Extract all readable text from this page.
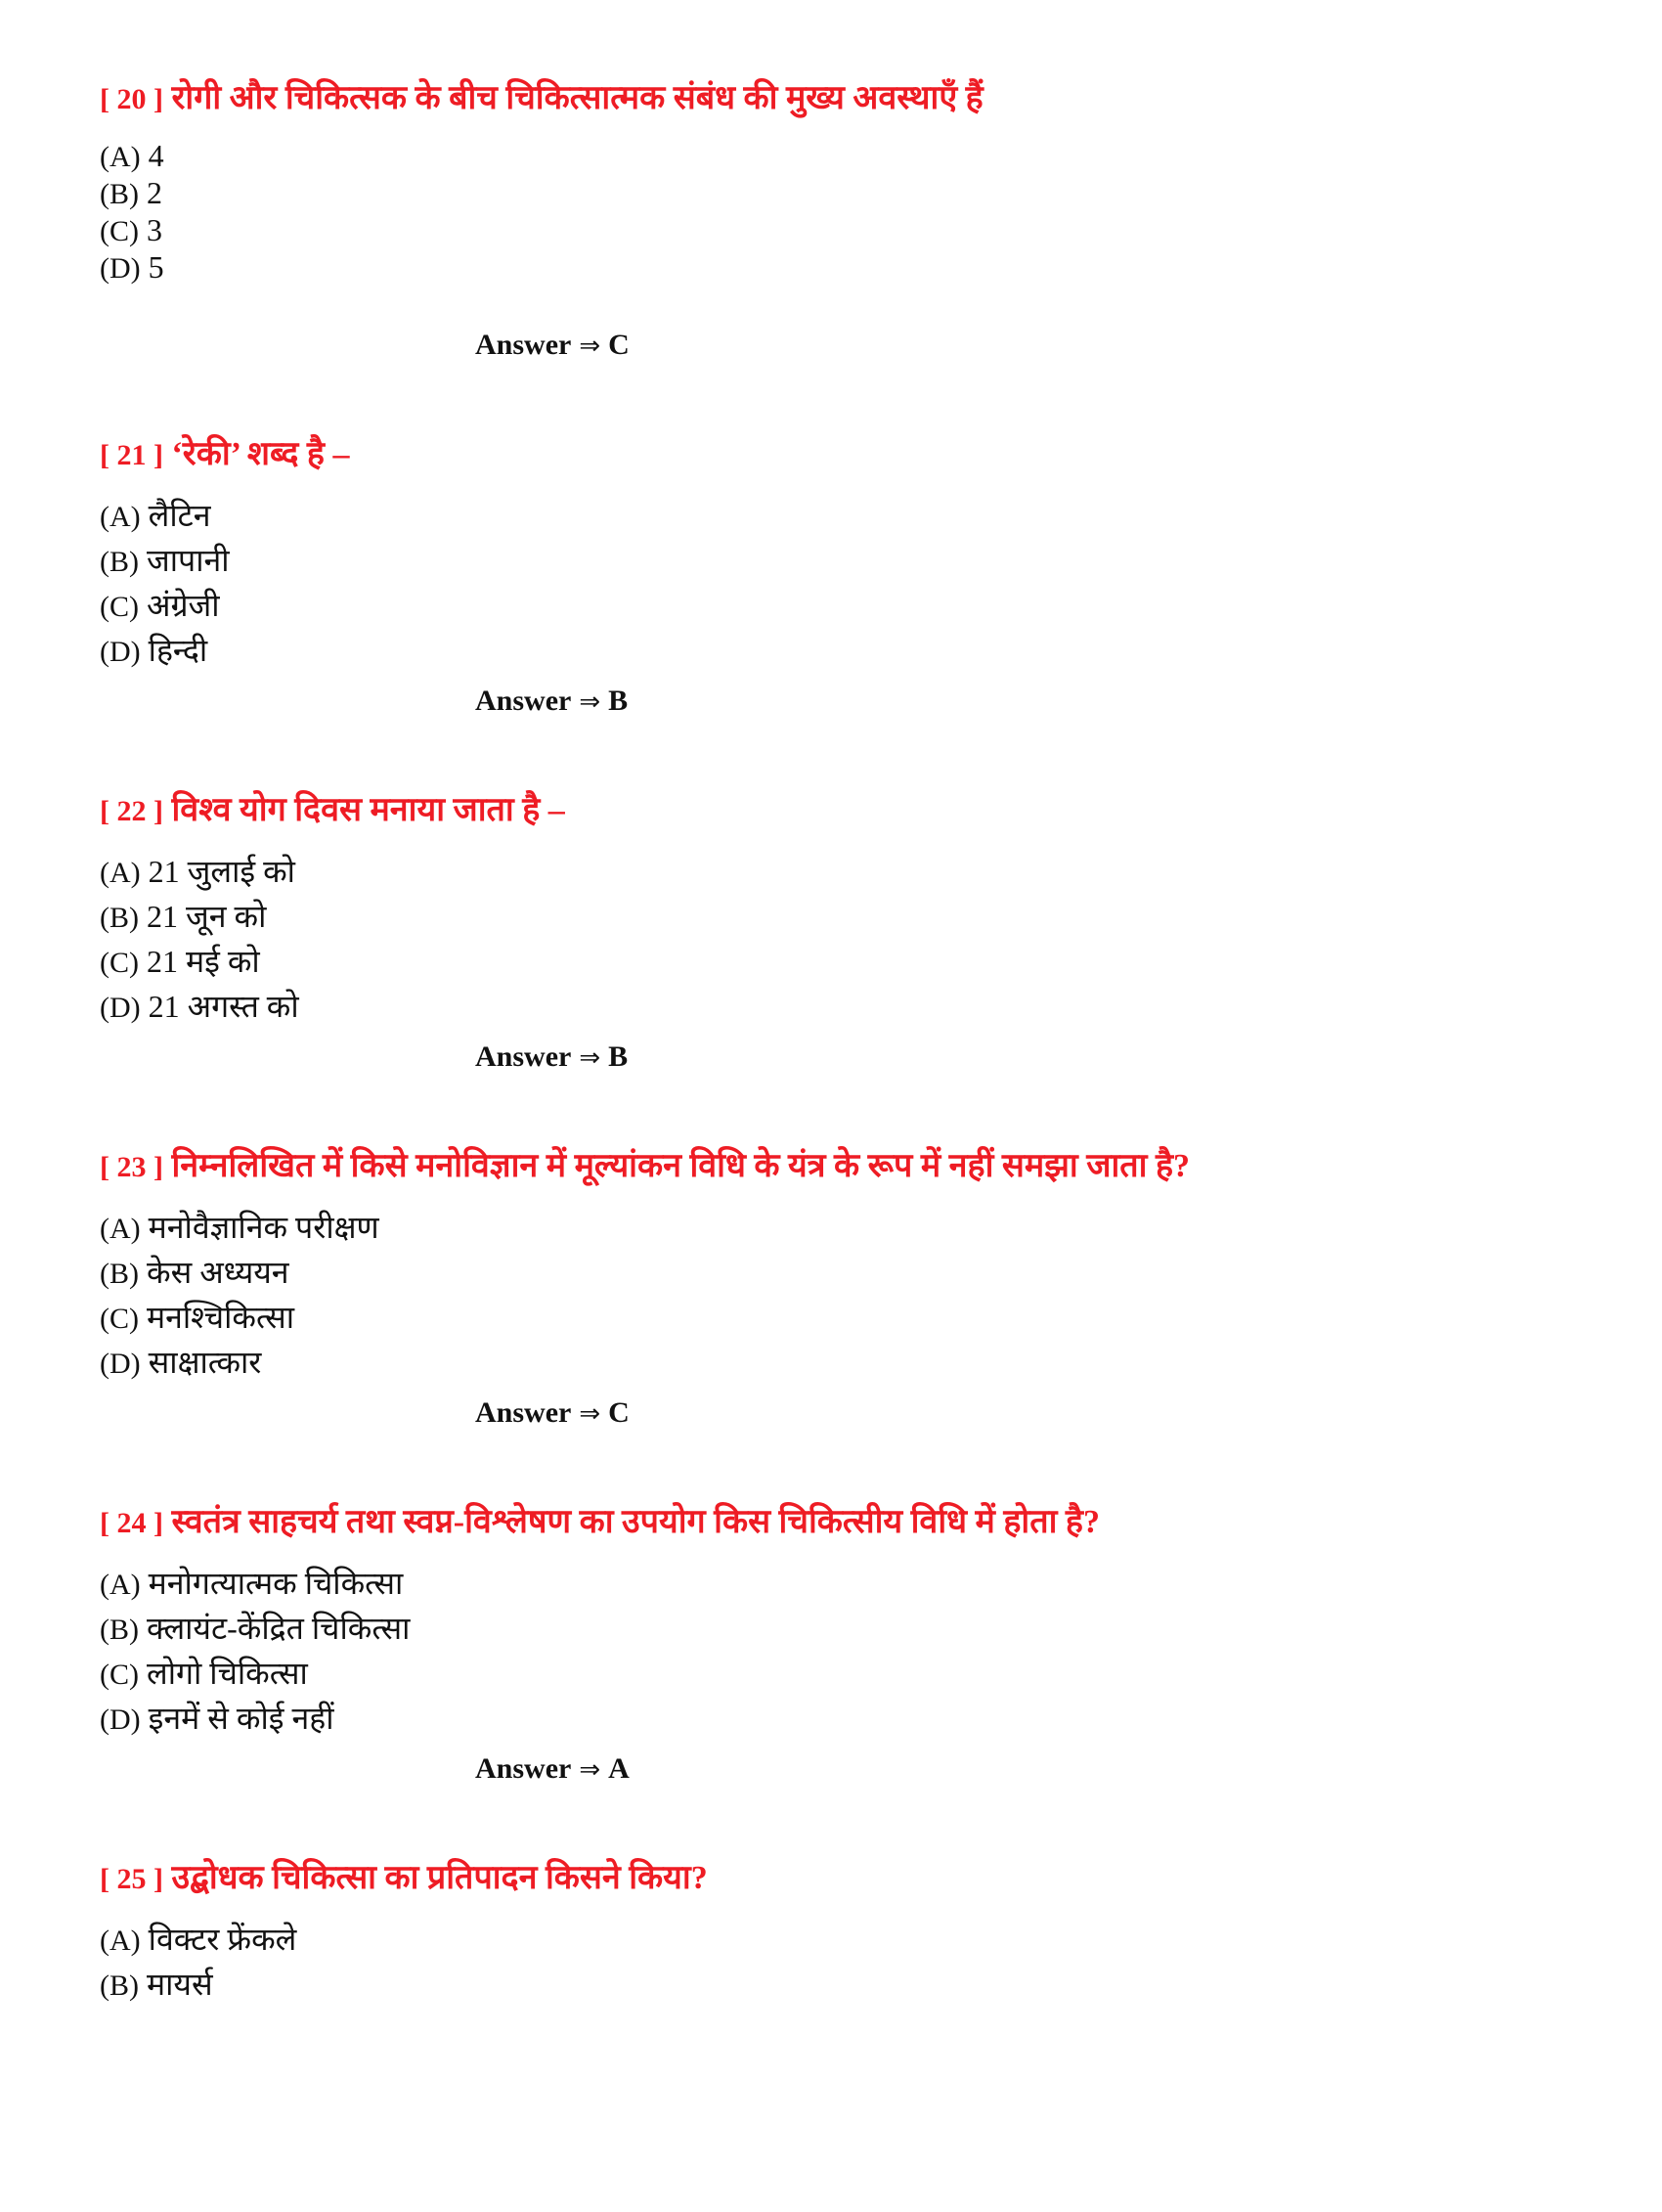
[ 20 ] रोगी और चिकित्सक के बीच चिकित्सात्मक संबंध की मुख्य अवस्थाएँ हैं
(A) 4
(B) 2
(C) 3
(D) 5
Answer ⇒ C
[ 21 ] ‘रेकी’ शब्द है –
(A) लैटिन
(B) जापानी
(C) अंग्रेजी
(D) हिन्दी
Answer ⇒ B
[ 22 ] विश्व योग दिवस मनाया जाता है –
(A) 21 जुलाई को
(B) 21 जून को
(C) 21 मई को
(D) 21 अगस्त को
Answer ⇒ B
[ 23 ] निम्नलिखित में किसे मनोविज्ञान में मूल्यांकन विधि के यंत्र के रूप में नहीं समझा जाता है?
(A) मनोवैज्ञानिक परीक्षण
(B) केस अध्ययन
(C) मनश्चिकित्सा
(D) साक्षात्कार
Answer ⇒ C
[ 24 ] स्वतंत्र साहचर्य तथा स्वप्न-विश्लेषण का उपयोग किस चिकित्सीय विधि में होता है?
(A) मनोगत्यात्मक चिकित्सा
(B) क्लायंट-केंद्रित चिकित्सा
(C) लोगो चिकित्सा
(D) इनमें से कोई नहीं
Answer ⇒ A
[ 25 ] उद्बोधक चिकित्सा का प्रतिपादन किसने किया?
(A) विक्टर फ्रेंकले
(B) मायर्स
